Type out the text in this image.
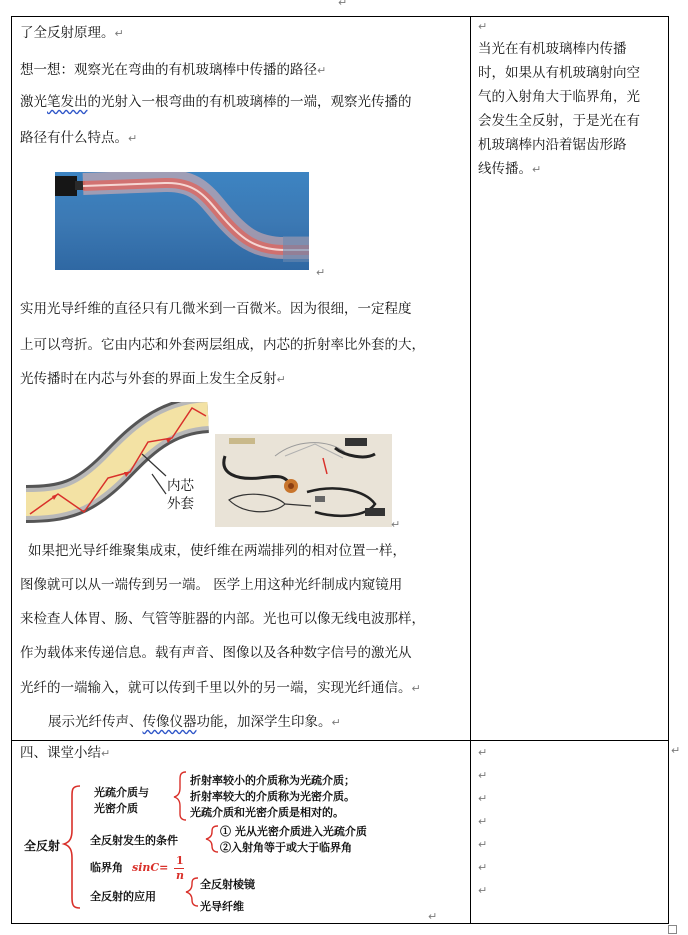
↵
了全反射原理。↵
想一想：观察光在弯曲的有机玻璃棒中传播的路径↵
激光笔发出的光射入一根弯曲的有机玻璃棒的一端，观察光传播的
路径有什么特点。↵
↵
实用光导纤维的直径只有几微米到一百微米。因为很细，一定程度
上可以弯折。它由内芯和外套两层组成，内芯的折射率比外套的大，
光传播时在内芯与外套的界面上发生全反射↵
内芯
外套
↵
如果把光导纤维聚集成束，使纤维在两端排列的相对位置一样，
图像就可以从一端传到另一端。 医学上用这种光纤制成内窥镜用
来检查人体胃、肠、气管等脏器的内部。光也可以像无线电波那样，
作为载体来传递信息。载有声音、图像以及各种数字信号的激光从
光纤的一端输入，就可以传到千里以外的另一端，实现光纤通信。↵
展示光纤传声、传像仪器功能，加深学生印象。↵
↵
当光在有机玻璃棒内传播
时，如果从有机玻璃射向空
气的入射角大于临界角，光
会发生全反射，于是光在有
机玻璃棒内沿着锯齿形路
线传播。↵
四、课堂小结↵
全反射
光疏介质与
光密介质
折射率较小的介质称为光疏介质；
折射率较大的介质称为光密介质。
光疏介质和光密介质是相对的。
全反射发生的条件
① 光从光密介质进入光疏介质
②入射角等于或大于临界角
临界角 sinC=
1
n
全反射的应用
全反射棱镜
光导纤维
↵
↵
↵
↵
↵
↵
↵
↵
↵
